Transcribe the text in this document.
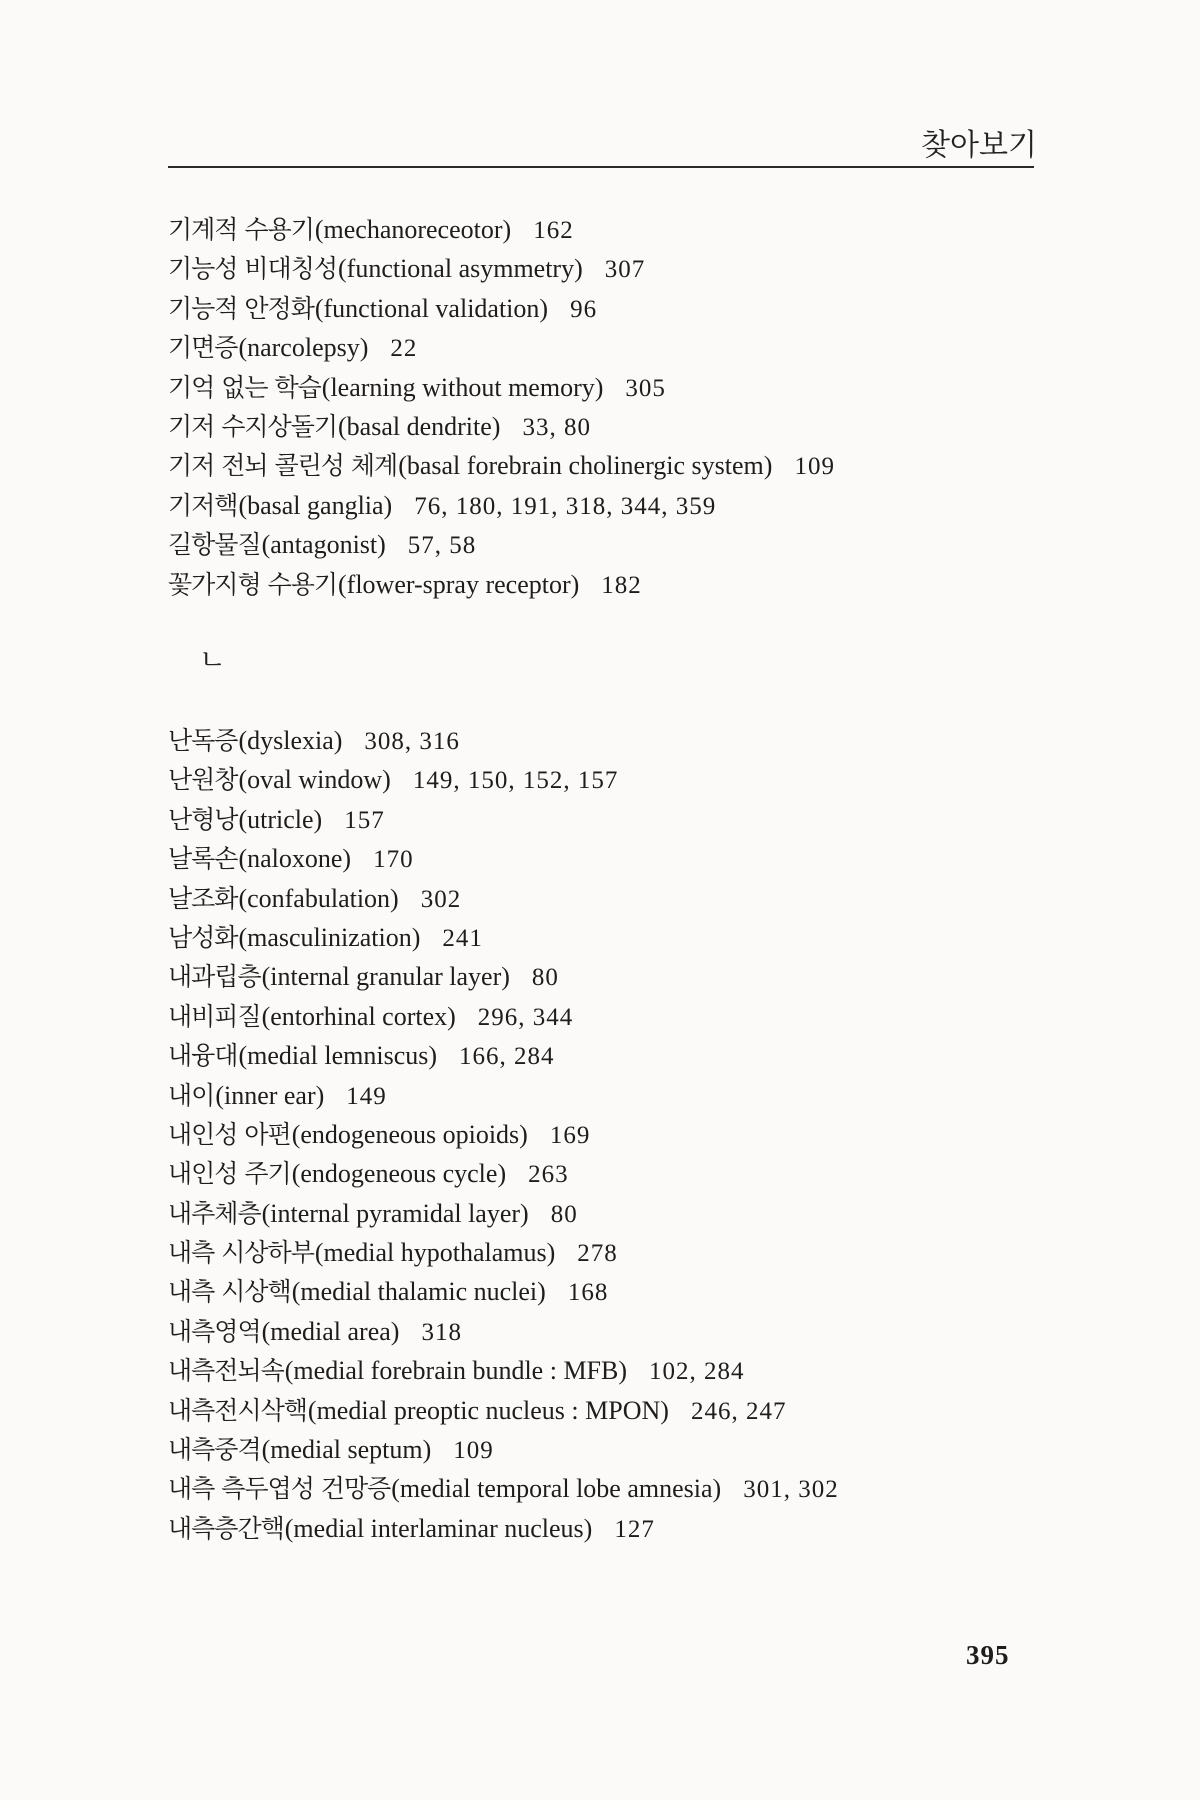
찾아보기
기계적 수용기(mechanoreceotor) 162
기능성 비대칭성(functional asymmetry) 307
기능적 안정화(functional validation) 96
기면증(narcolepsy) 22
기억 없는 학습(learning without memory) 305
기저 수지상돌기(basal dendrite) 33, 80
기저 전뇌 콜린성 체계(basal forebrain cholinergic system) 109
기저핵(basal ganglia) 76, 180, 191, 318, 344, 359
길항물질(antagonist) 57, 58
꽃가지형 수용기(flower-spray receptor) 182
ㄴ
난독증(dyslexia) 308, 316
난원창(oval window) 149, 150, 152, 157
난형낭(utricle) 157
날록손(naloxone) 170
날조화(confabulation) 302
남성화(masculinization) 241
내과립층(internal granular layer) 80
내비피질(entorhinal cortex) 296, 344
내융대(medial lemniscus) 166, 284
내이(inner ear) 149
내인성 아편(endogeneous opioids) 169
내인성 주기(endogeneous cycle) 263
내추체층(internal pyramidal layer) 80
내측 시상하부(medial hypothalamus) 278
내측 시상핵(medial thalamic nuclei) 168
내측영역(medial area) 318
내측전뇌속(medial forebrain bundle : MFB) 102, 284
내측전시삭핵(medial preoptic nucleus : MPON) 246, 247
내측중격(medial septum) 109
내측 측두엽성 건망증(medial temporal lobe amnesia) 301, 302
내측층간핵(medial interlaminar nucleus) 127
395
